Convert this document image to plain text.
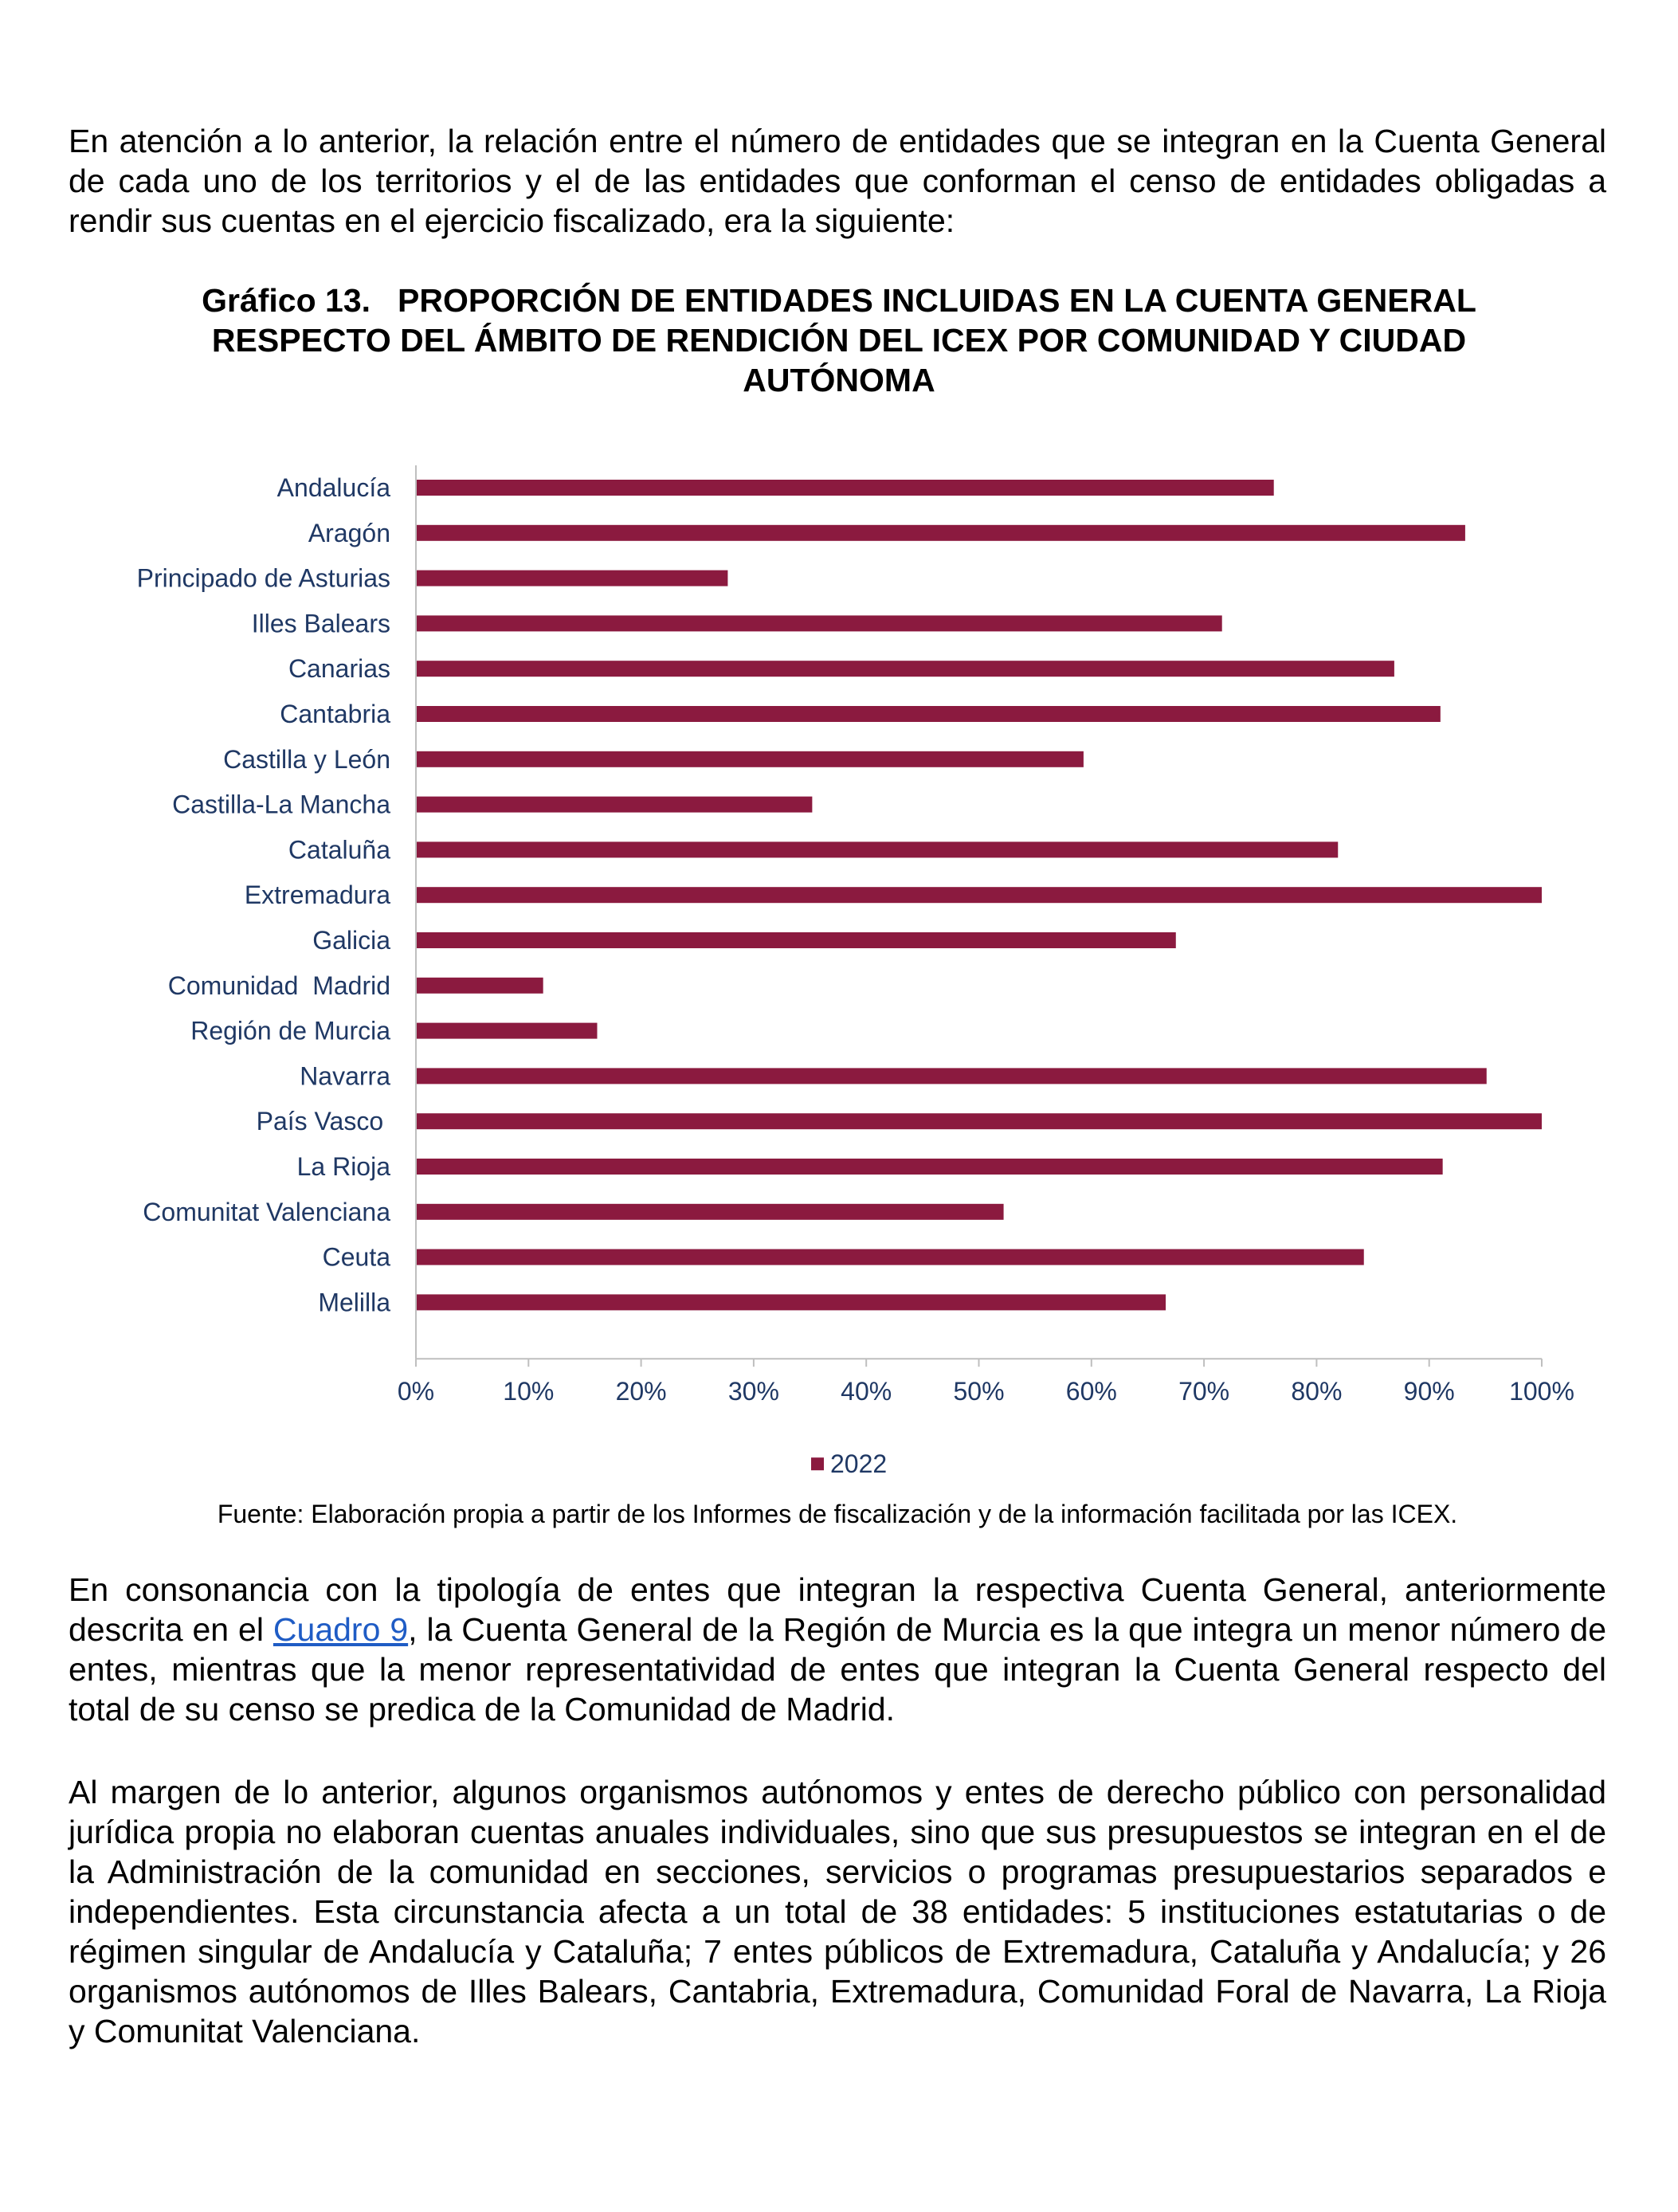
En atención a lo anterior, la relación entre el número de entidades que se integran en la Cuenta General de cada uno de los territorios y el de las entidades que conforman el censo de entidades obligadas a rendir sus cuentas en el ejercicio fiscalizado, era la siguiente:

Gráfico 13. PROPORCIÓN DE ENTIDADES INCLUIDAS EN LA CUENTA GENERAL RESPECTO DEL ÁMBITO DE RENDICIÓN DEL ICEX POR COMUNIDAD Y CIUDAD AUTÓNOMA
Andalucía
Aragón
Principado de Asturias
Illes Balears
Canarias
Cantabria
Castilla y León
Castilla-La Mancha
Cataluña
Extremadura
Galicia
Comunidad  Madrid
Región de Murcia
Navarra
País Vasco
La Rioja
Comunitat Valenciana
Ceuta
Melilla
0%	10% 20% 30% 40% 50% 60% 70% 80% 90% 100%
2022

Fuente: Elaboración propia a partir de los Informes de fiscalización y de la información facilitada por las ICEX.

En consonancia con la tipología de entes que integran la respectiva Cuenta General, anteriormente descrita en el Cuadro 9, la Cuenta General de la Región de Murcia es la que integra un menor número de entes, mientras que la menor representatividad de entes que integran la Cuenta General respecto del total de su censo se predica de la Comunidad de Madrid.

Al margen de lo anterior, algunos organismos autónomos y entes de derecho público con personalidad jurídica propia no elaboran cuentas anuales individuales, sino que sus presupuestos se integran en el de la Administración de la comunidad en secciones, servicios o programas presupuestarios separados e independientes. Esta circunstancia afecta a un total de 38 entidades: 5 instituciones estatutarias o de régimen singular de Andalucía y Cataluña; 7 entes públicos de Extremadura, Cataluña y Andalucía; y 26 organismos autónomos de Illes Balears, Cantabria, Extremadura, Comunidad Foral de Navarra, La Rioja y Comunitat Valenciana.
